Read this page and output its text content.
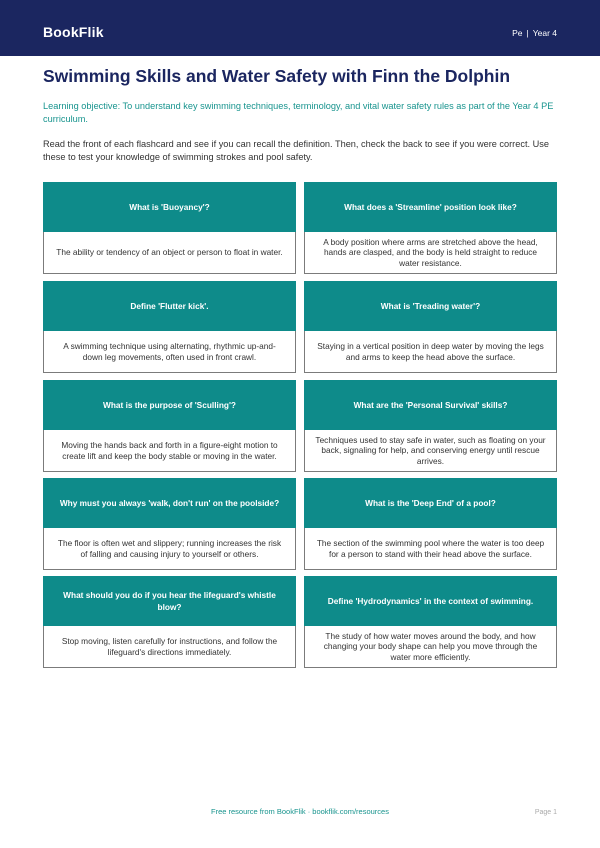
BookFlik	Pe | Year 4
Swimming Skills and Water Safety with Finn the Dolphin

Learning objective: To understand key swimming techniques, terminology, and vital water safety rules as part of the Year 4 PE curriculum.

Read the front of each flashcard and see if you can recall the definition. Then, check the back to see if you were correct. Use these to test your knowledge of swimming strokes and pool safety.

What is 'Buoyancy'?
The ability or tendency of an object or person to float in water.
What does a 'Streamline' position look like?
A body position where arms are stretched above the head, hands are clasped, and the body is held straight to reduce water resistance.
Define 'Flutter kick'.
A swimming technique using alternating, rhythmic up-and-down leg movements, often used in front crawl.
What is 'Treading water'?
Staying in a vertical position in deep water by moving the legs and arms to keep the head above the surface.
What is the purpose of 'Sculling'?
Moving the hands back and forth in a figure-eight motion to create lift and keep the body stable or moving in the water.
What are the 'Personal Survival' skills?
Techniques used to stay safe in water, such as floating on your back, signaling for help, and conserving energy until rescue arrives.
Why must you always 'walk, don't run' on the poolside?
The floor is often wet and slippery; running increases the risk of falling and causing injury to yourself or others.
What is the 'Deep End' of a pool?
The section of the swimming pool where the water is too deep for a person to stand with their head above the surface.
What should you do if you hear the lifeguard's whistle blow?
Stop moving, listen carefully for instructions, and follow the lifeguard's directions immediately.
Define 'Hydrodynamics' in the context of swimming.
The study of how water moves around the body, and how changing your body shape can help you move through the water more efficiently.
Free resource from BookFlik · bookflik.com/resources	Page 1
